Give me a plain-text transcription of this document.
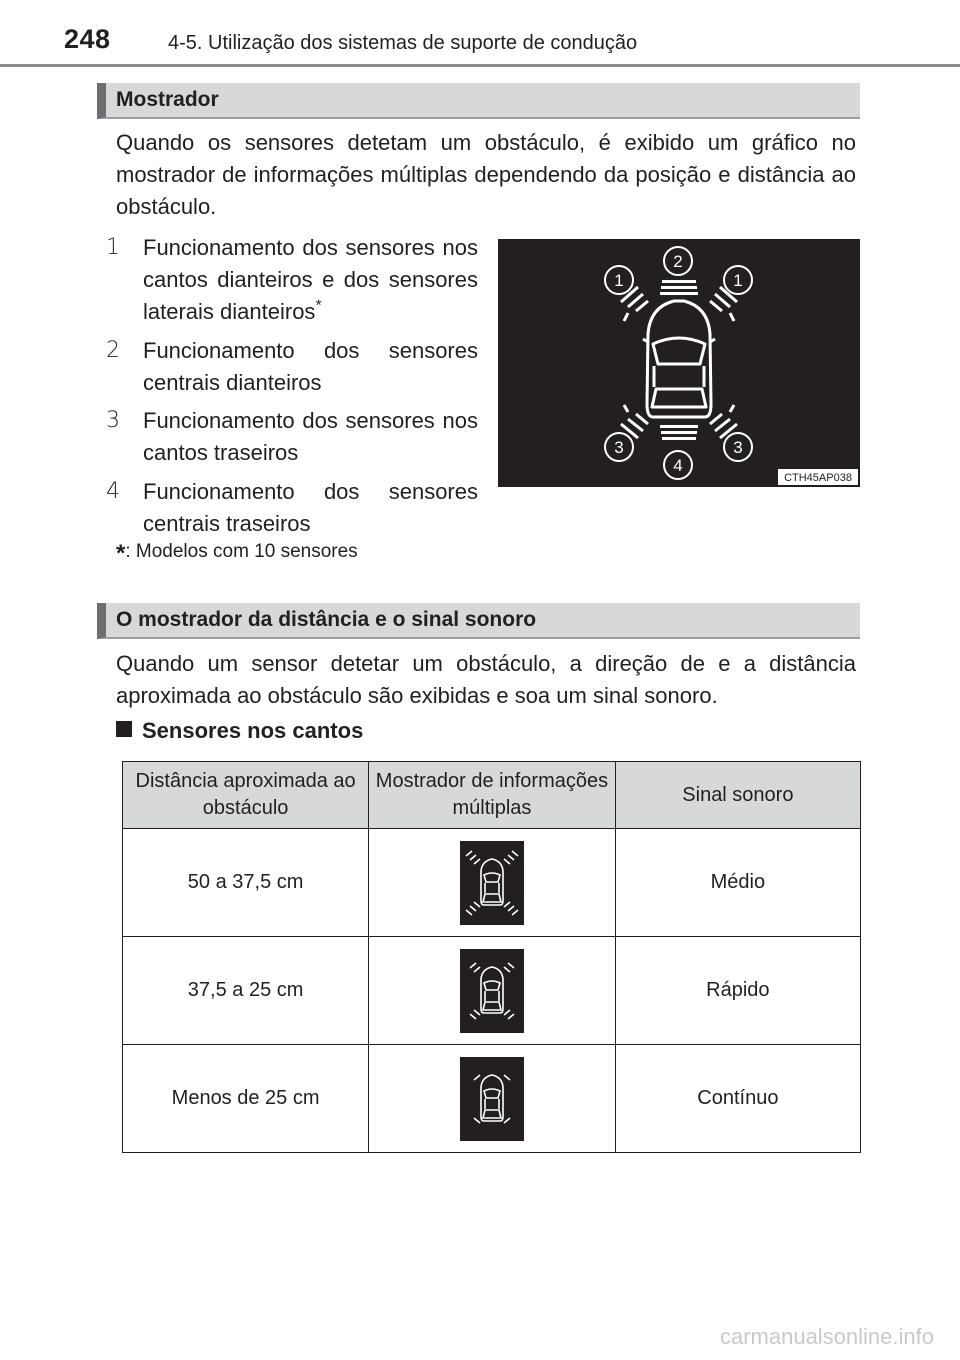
248	4-5. Utilização dos sistemas de suporte de condução
Mostrador
Quando os sensores detetam um obstáculo, é exibido um gráfico no mostrador de informações múltiplas dependendo da posição e distância ao obstáculo.
1 Funcionamento dos sensores nos cantos dianteiros e dos sensores laterais dianteiros*
2 Funcionamento dos sensores centrais dianteiros
3 Funcionamento dos sensores nos cantos traseiros
4 Funcionamento dos sensores centrais traseiros
*: Modelos com 10 sensores
1
2
1
3
4
3
CTH45AP038
O mostrador da distância e o sinal sonoro
Quando um sensor detetar um obstáculo, a direção de e a distância aproximada ao obstáculo são exibidas e soa um sinal sonoro.
Sensores nos cantos
Distância aproximada ao obstáculo	Mostrador de informações múltiplas	Sinal sonoro
50 a 37,5 cm		Médio
37,5 a 25 cm		Rápido
Menos de 25 cm		Contínuo
carmanualsonline.info
